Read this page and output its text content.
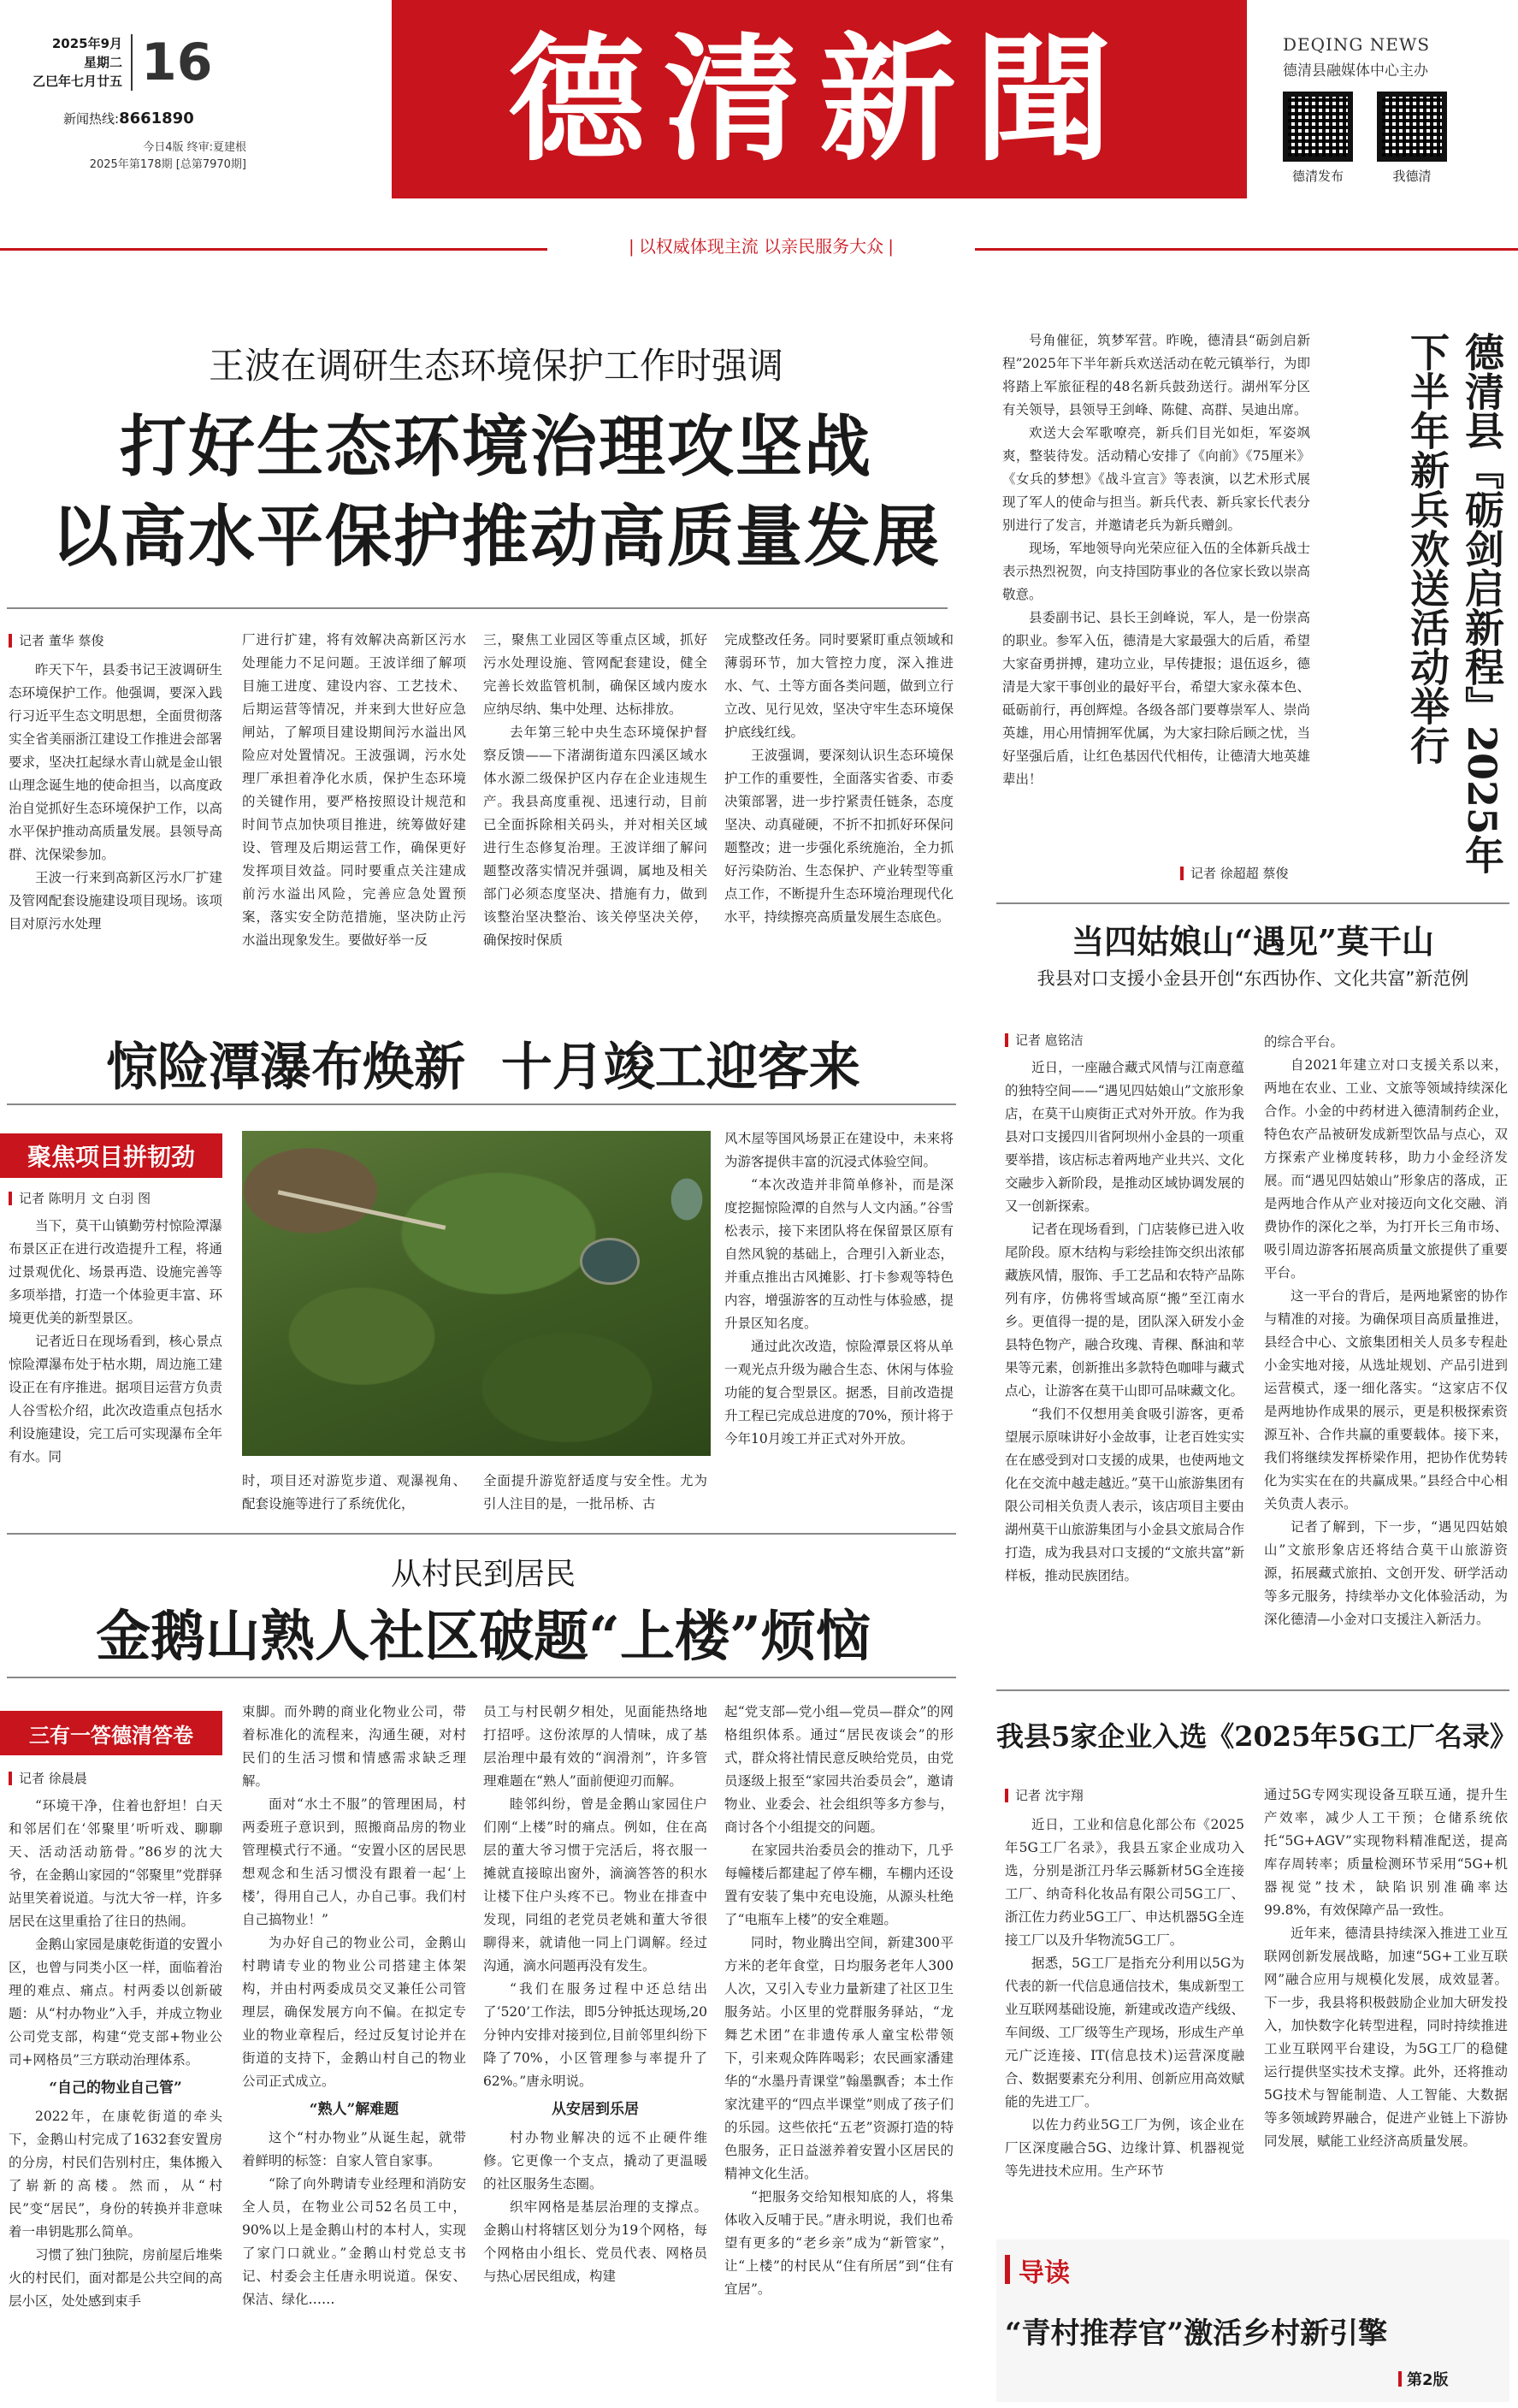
2025年9月
星期二
乙巳年七月廿五 16
新闻热线:8661890
今日4版 终审:夏建根
2025年第178期 [总第7970期] 德清新聞	DEQING NEWS
德清县融媒体中心主办
德清发布	我德清
| 以权威体现主流 以亲民服务大众 |
王波在调研生态环境保护工作时强调
打好生态环境治理攻坚战
以高水平保护推动高质量发展
记者 董华 蔡俊

昨天下午，县委书记王波调研生态环境保护工作。他强调，要深入践行习近平生态文明思想，全面贯彻落实全省美丽浙江建设工作推进会部署要求，坚决扛起绿水青山就是金山银山理念诞生地的使命担当，以高度政治自觉抓好生态环境保护工作，以高水平保护推动高质量发展。县领导高群、沈保梁参加。

王波一行来到高新区污水厂扩建及管网配套设施建设项目现场。该项目对原污水处理

厂进行扩建，将有效解决高新区污水处理能力不足问题。王波详细了解项目施工进度、建设内容、工艺技术、后期运营等情况，并来到大世好应急闸站，了解项目建设期间污水溢出风险应对处置情况。王波强调，污水处理厂承担着净化水质，保护生态环境的关键作用，要严格按照设计规范和时间节点加快项目推进，统筹做好建设、管理及后期运营工作，确保更好发挥项目效益。同时要重点关注建成前污水溢出风险，完善应急处置预案，落实安全防范措施，坚决防止污水溢出现象发生。要做好举一反

三，聚焦工业园区等重点区域，抓好污水处理设施、管网配套建设，健全完善长效监管机制，确保区域内废水应纳尽纳、集中处理、达标排放。

去年第三轮中央生态环境保护督察反馈——下渚湖街道东四溪区域水体水源二级保护区内存在企业违规生产。我县高度重视、迅速行动，目前已全面拆除相关码头，并对相关区域进行生态修复治理。王波详细了解问题整改落实情况并强调，属地及相关部门必须态度坚决、措施有力，做到该整治坚决整治、该关停坚决关停，确保按时保质

完成整改任务。同时要紧盯重点领域和薄弱环节，加大管控力度，深入推进水、气、土等方面各类问题，做到立行立改、见行见效，坚决守牢生态环境保护底线红线。

王波强调，要深刻认识生态环境保护工作的重要性，全面落实省委、市委决策部署，进一步拧紧责任链条，态度坚决、动真碰硬，不折不扣抓好环保问题整改；进一步强化系统施治，全力抓好污染防治、生态保护、产业转型等重点工作，不断提升生态环境治理现代化水平，持续擦亮高质量发展生态底色。

号角催征，筑梦军营。昨晚，德清县“砺剑启新程”2025年下半年新兵欢送活动在乾元镇举行，为即将踏上军旅征程的48名新兵鼓劲送行。湖州军分区有关领导，县领导王剑峰、陈健、高群、吴迪出席。

欢送大会军歌嘹亮，新兵们目光如炬，军姿飒爽，整装待发。活动精心安排了《向前》《75厘米》《女兵的梦想》《战斗宣言》等表演，以艺术形式展现了军人的使命与担当。新兵代表、新兵家长代表分别进行了发言，并邀请老兵为新兵赠剑。

现场，军地领导向光荣应征入伍的全体新兵战士表示热烈祝贺，向支持国防事业的各位家长致以崇高敬意。

县委副书记、县长王剑峰说，军人，是一份崇高的职业。参军入伍，德清是大家最强大的后盾，希望大家奋勇拼搏，建功立业，早传捷报；退伍返乡，德清是大家干事创业的最好平台，希望大家永葆本色、砥砺前行，再创辉煌。各级各部门要尊崇军人、崇尚英雄，用心用情拥军优属，为大家扫除后顾之忧，当好坚强后盾，让红色基因代代相传，让德清大地英雄辈出！

记者 徐超超 蔡俊	德清县『砺剑启新程』2025年下半年新兵欢送活动举行
惊险潭瀑布焕新  十月竣工迎客来
聚焦项目拼韧劲
记者 陈明月 文 白羽 图

当下，莫干山镇勤劳村惊险潭瀑布景区正在进行改造提升工程，将通过景观优化、场景再造、设施完善等多项举措，打造一个体验更丰富、环境更优美的新型景区。

记者近日在现场看到，核心景点惊险潭瀑布处于枯水期，周边施工建设正在有序推进。据项目运营方负责人谷雪松介绍，此次改造重点包括水利设施建设，完工后可实现瀑布全年有水。同

时，项目还对游览步道、观瀑视角、配套设施等进行了系统优化，

全面提升游览舒适度与安全性。尤为引人注目的是，一批吊桥、古

风木屋等国风场景正在建设中，未来将为游客提供丰富的沉浸式体验空间。

“本次改造并非简单修补，而是深度挖掘惊险潭的自然与人文内涵。”谷雪松表示，接下来团队将在保留景区原有自然风貌的基础上，合理引入新业态，并重点推出古风摊影、打卡参观等特色内容，增强游客的互动性与体验感，提升景区知名度。

通过此次改造，惊险潭景区将从单一观光点升级为融合生态、休闲与体验功能的复合型景区。据悉，目前改造提升工程已完成总进度的70%，预计将于今年10月竣工并正式对外开放。

当四姑娘山“遇见”莫干山
我县对口支援小金县开创“东西协作、文化共富”新范例
记者 扈铭洁

近日，一座融合藏式风情与江南意蕴的独特空间——“遇见四姑娘山”文旅形象店，在莫干山庾街正式对外开放。作为我县对口支援四川省阿坝州小金县的一项重要举措，该店标志着两地产业共兴、文化交融步入新阶段，是推动区域协调发展的又一创新探索。

记者在现场看到，门店装修已进入收尾阶段。原木结构与彩绘挂饰交织出浓郁藏族风情，服饰、手工艺品和农特产品陈列有序，仿佛将雪域高原“搬”至江南水乡。更值得一提的是，团队深入研发小金县特色物产，融合玫瑰、青稞、酥油和苹果等元素，创新推出多款特色咖啡与藏式点心，让游客在莫干山即可品味藏文化。

“我们不仅想用美食吸引游客，更希望展示原味讲好小金故事，让老百姓实实在在感受到对口支援的成果，也使两地文化在交流中越走越近。”莫干山旅游集团有限公司相关负责人表示，该店项目主要由湖州莫干山旅游集团与小金县文旅局合作打造，成为我县对口支援的“文旅共富”新样板，推动民族团结。

的综合平台。

自2021年建立对口支援关系以来，两地在农业、工业、文旅等领域持续深化合作。小金的中药材进入德清制药企业，特色农产品被研发成新型饮品与点心，双方探索产业梯度转移，助力小金经济发展。而“遇见四姑娘山”形象店的落成，正是两地合作从产业对接迈向文化交融、消费协作的深化之举，为打开长三角市场、吸引周边游客拓展高质量文旅提供了重要平台。

这一平台的背后，是两地紧密的协作与精准的对接。为确保项目高质量推进，县经合中心、文旅集团相关人员多专程赴小金实地对接，从选址规划、产品引进到运营模式，逐一细化落实。“这家店不仅是两地协作成果的展示，更是积极探索资源互补、合作共赢的重要载体。接下来，我们将继续发挥桥梁作用，把协作优势转化为实实在在的共赢成果。”县经合中心相关负责人表示。

记者了解到，下一步，“遇见四姑娘山”文旅形象店还将结合莫干山旅游资源，拓展藏式旅拍、文创开发、研学活动等多元服务，持续举办文化体验活动，为深化德清—小金对口支援注入新活力。

从村民到居民
金鹅山熟人社区破题“上楼”烦恼
三有一答德清答卷
记者 徐晨晨

“环境干净，住着也舒坦！白天和邻居们在‘邻聚里’听听戏、聊聊天、活动活动筋骨。”86岁的沈大爷，在金鹅山家园的“邻聚里”党群驿站里笑着说道。与沈大爷一样，许多居民在这里重拾了往日的热闹。

金鹅山家园是康乾街道的安置小区，也曾与同类小区一样，面临着治理的难点、痛点。村两委以创新破题：从“村办物业”入手，并成立物业公司党支部，构建“党支部+物业公司+网格员”三方联动治理体系。

“自己的物业自己管”

2022年，在康乾街道的牵头下，金鹅山村完成了1632套安置房的分房，村民们告别村庄，集体搬入了崭新的高楼。然而，从“村民”变“居民”，身份的转换并非意味着一串钥匙那么简单。

习惯了独门独院，房前屋后堆柴火的村民们，面对都是公共空间的高层小区，处处感到束手

束脚。而外聘的商业化物业公司，带着标准化的流程来，沟通生硬，对村民们的生活习惯和情感需求缺乏理解。

面对“水土不服”的管理困局，村两委班子意识到，照搬商品房的物业管理模式行不通。“安置小区的居民思想观念和生活习惯没有跟着一起‘上楼’，得用自己人，办自己事。我们村自己搞物业！”

为办好自己的物业公司，金鹅山村聘请专业的物业公司搭建主体架构，并由村两委成员交叉兼任公司管理层，确保发展方向不偏。在拟定专业的物业章程后，经过反复讨论并在街道的支持下，金鹅山村自己的物业公司正式成立。

“熟人”解难题

这个“村办物业”从诞生起，就带着鲜明的标签：自家人管自家事。

“除了向外聘请专业经理和消防安全人员，在物业公司52名员工中，90%以上是金鹅山村的本村人，实现了家门口就业。”金鹅山村党总支书记、村委会主任唐永明说道。保安、保洁、绿化……

员工与村民朝夕相处，见面能热络地打招呼。这份浓厚的人情味，成了基层治理中最有效的“润滑剂”，许多管理难题在“熟人”面前便迎刃而解。

睦邻纠纷，曾是金鹅山家园住户们刚“上楼”时的痛点。例如，住在高层的董大爷习惯于完活后，将衣服一摊就直接晾出窗外，滴滴答答的积水让楼下住户头疼不已。物业在排查中发现，同组的老党员老姚和董大爷很聊得来，就请他一同上门调解。经过沟通，滴水问题再没有发生。

“我们在服务过程中还总结出了‘520’工作法，即5分钟抵达现场,20分钟内安排对接到位,目前邻里纠纷下降了70%，小区管理参与率提升了62%。”唐永明说。

从安居到乐居

村办物业解决的远不止硬件维修。它更像一个支点，撬动了更温暖的社区服务生态圈。

织牢网格是基层治理的支撑点。金鹅山村将辖区划分为19个网格，每个网格由小组长、党员代表、网格员与热心居民组成，构建

起“党支部—党小组—党员—群众”的网格组织体系。通过“居民夜谈会”的形式，群众将社情民意反映给党员，由党员逐级上报至“家园共治委员会”，邀请物业、业委会、社会组织等多方参与，商讨各个小组提交的问题。

在家园共治委员会的推动下，几乎每幢楼后都建起了停车棚，车棚内还设置有安装了集中充电设施，从源头杜绝了“电瓶车上楼”的安全难题。

同时，物业腾出空间，新建300平方米的老年食堂，日均服务老年人300人次，又引入专业力量新建了社区卫生服务站。小区里的党群服务驿站，“龙舞艺术团”在非遗传承人童宝松带领下，引来观众阵阵喝彩；农民画家潘建华的“水墨丹青课堂”翰墨飘香；本土作家沈建平的“四点半课堂”则成了孩子们的乐园。这些依托“五老”资源打造的特色服务，正日益滋养着安置小区居民的精神文化生活。

“把服务交给知根知底的人，将集体收入反哺于民。”唐永明说，我们也希望有更多的“老乡亲”成为“新管家”，让“上楼”的村民从“住有所居”到“住有宜居”。

我县5家企业入选《2025年5G工厂名录》
记者 沈宇翔

近日，工业和信息化部公布《2025年5G工厂名录》，我县五家企业成功入选，分别是浙江丹华云縣新材5G全连接工厂、纳奇科化妆品有限公司5G工厂、浙江佐力药业5G工厂、申达机器5G全连接工厂以及升华物流5G工厂。

据悉，5G工厂是指充分利用以5G为代表的新一代信息通信技术，集成新型工业互联网基础设施，新建或改造产线级、车间级、工厂级等生产现场，形成生产单元广泛连接、IT(信息技术)运营深度融合、数据要素充分利用、创新应用高效赋能的先进工厂。

以佐力药业5G工厂为例，该企业在厂区深度融合5G、边缘计算、机器视觉等先进技术应用。生产环节

通过5G专网实现设备互联互通，提升生产效率，减少人工干预；仓储系统依托“5G+AGV”实现物料精准配送，提高库存周转率；质量检测环节采用“5G+机器视觉”技术，缺陷识别准确率达99.8%，有效保障产品一致性。

近年来，德清县持续深入推进工业互联网创新发展战略，加速“5G+工业互联网”融合应用与规模化发展，成效显著。下一步，我县将积极鼓励企业加大研发投入，加快数字化转型进程，同时持续推进工业互联网平台建设，为5G工厂的稳健运行提供坚实技术支撑。此外，还将推动5G技术与智能制造、人工智能、大数据等多领域跨界融合，促进产业链上下游协同发展，赋能工业经济高质量发展。

导读
“青村推荐官”激活乡村新引擎
第2版
